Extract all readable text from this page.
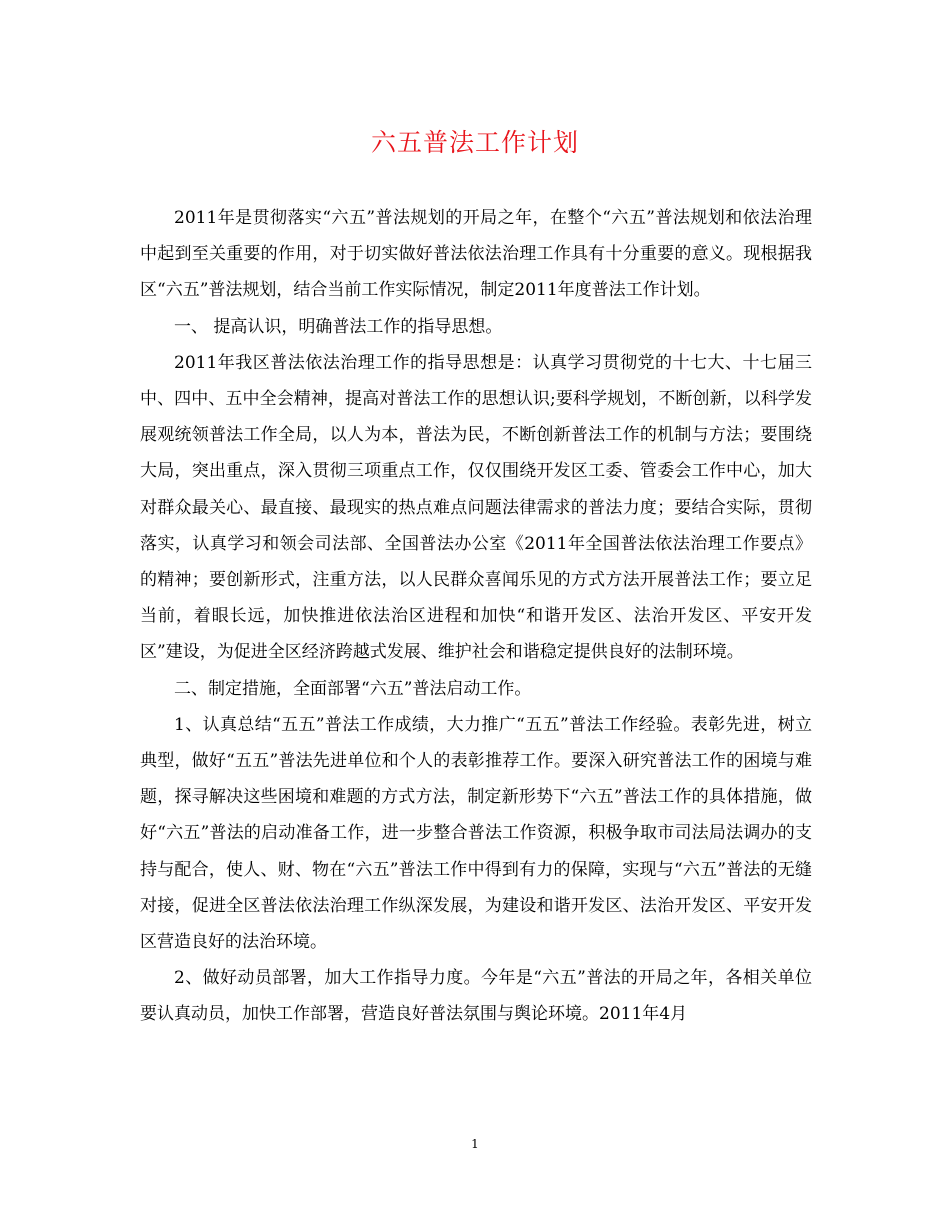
六五普法工作计划

2011年是贯彻落实“六五”普法规划的开局之年，在整个“六五”普法规划和依法治理中起到至关重要的作用，对于切实做好普法依法治理工作具有十分重要的意义。现根据我区“六五”普法规划，结合当前工作实际情况，制定2011年度普法工作计划。

一、 提高认识，明确普法工作的指导思想。

2011年我区普法依法治理工作的指导思想是：认真学习贯彻党的十七大、十七届三中、四中、五中全会精神，提高对普法工作的思想认识;要科学规划，不断创新，以科学发展观统领普法工作全局，以人为本，普法为民，不断创新普法工作的机制与方法；要围绕大局，突出重点，深入贯彻三项重点工作，仅仅围绕开发区工委、管委会工作中心，加大对群众最关心、最直接、最现实的热点难点问题法律需求的普法力度；要结合实际，贯彻落实，认真学习和领会司法部、全国普法办公室《2011年全国普法依法治理工作要点》的精神；要创新形式，注重方法，以人民群众喜闻乐见的方式方法开展普法工作；要立足当前，着眼长远，加快推进依法治区进程和加快“和谐开发区、法治开发区、平安开发区”建设，为促进全区经济跨越式发展、维护社会和谐稳定提供良好的法制环境。

二、制定措施，全面部署“六五”普法启动工作。

1、认真总结“五五”普法工作成绩，大力推广“五五”普法工作经验。表彰先进，树立典型，做好“五五”普法先进单位和个人的表彰推荐工作。要深入研究普法工作的困境与难题，探寻解决这些困境和难题的方式方法，制定新形势下“六五”普法工作的具体措施，做好“六五”普法的启动准备工作，进一步整合普法工作资源，积极争取市司法局法调办的支持与配合，使人、财、物在“六五”普法工作中得到有力的保障，实现与“六五”普法的无缝对接，促进全区普法依法治理工作纵深发展，为建设和谐开发区、法治开发区、平安开发区营造良好的法治环境。

2、做好动员部署，加大工作指导力度。今年是“六五”普法的开局之年，各相关单位要认真动员，加快工作部署，营造良好普法氛围与舆论环境。2011年4月

1
